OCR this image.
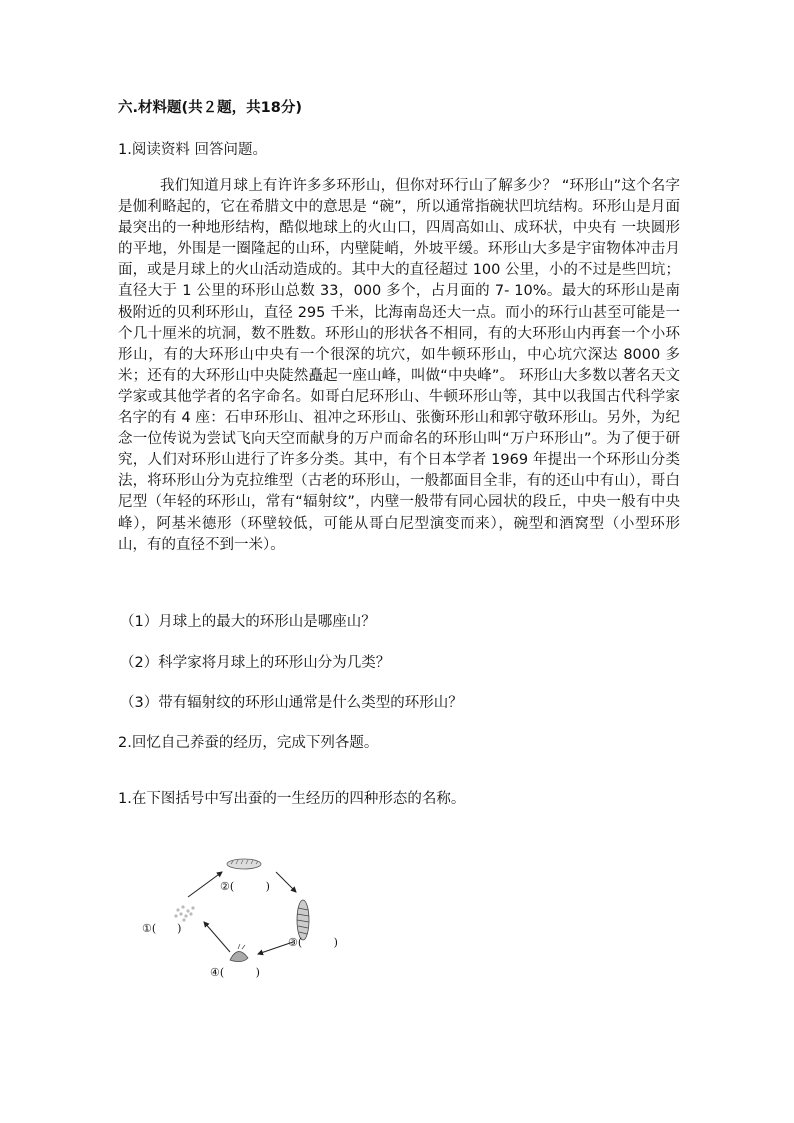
六.材料题(共２题，共18分)

1.阅读资料 回答问题。

我们知道月球上有许许多多环形山，但你对环行山了解多少？ “环形山”这个名字是伽利略起的，它在希腊文中的意思是 “碗”，所以通常指碗状凹坑结构。环形山是月面最突出的一种地形结构，酷似地球上的火山口，四周高如山、成环状，中央有 一块圆形的平地，外围是一圈隆起的山环，内壁陡峭，外坡平缓。环形山大多是宇宙物体冲击月面，或是月球上的火山活动造成的。其中大的直径超过 100 公里，小的不过是些凹坑；直径大于 1 公里的环形山总数 33，000 多个，占月面的 7- 10%。最大的环形山是南极附近的贝利环形山，直径 295 千米，比海南岛还大一点。而小的环行山甚至可能是一个几十厘米的坑洞，数不胜数。环形山的形状各不相同，有的大环形山内再套一个小环形山，有的大环形山中央有一个很深的坑穴，如牛顿环形山，中心坑穴深达 8000 多米；还有的大环形山中央陡然矗起一座山峰，叫做“中央峰”。 环形山大多数以著名天文学家或其他学者的名字命名。如哥白尼环形山、牛顿环形山等，其中以我国古代科学家名字的有 4 座：石申环形山、祖冲之环形山、张衡环形山和郭守敬环形山。另外，为纪念一位传说为尝试飞向天空而献身的万户而命名的环形山叫“万户环形山”。为了便于研究，人们对环形山进行了许多分类。其中，有个日本学者 1969 年提出一个环形山分类法，将环形山分为克拉维型（古老的环形山，一般都面目全非，有的还山中有山），哥白尼型（年轻的环形山，常有“辐射纹”，内壁一般带有同心园状的段丘，中央一般有中央峰），阿基米德形（环壁较低，可能从哥白尼型演变而来），碗型和酒窝型（小型环形山，有的直径不到一米）。

（1）月球上的最大的环形山是哪座山？

（2）科学家将月球上的环形山分为几类？

（3）带有辐射纹的环形山通常是什么类型的环形山？

2.回忆自己养蚕的经历，完成下列各题。

1.在下图括号中写出蚕的一生经历的四种形态的名称。

②(         )
①(      )
③(         )
④(         )
